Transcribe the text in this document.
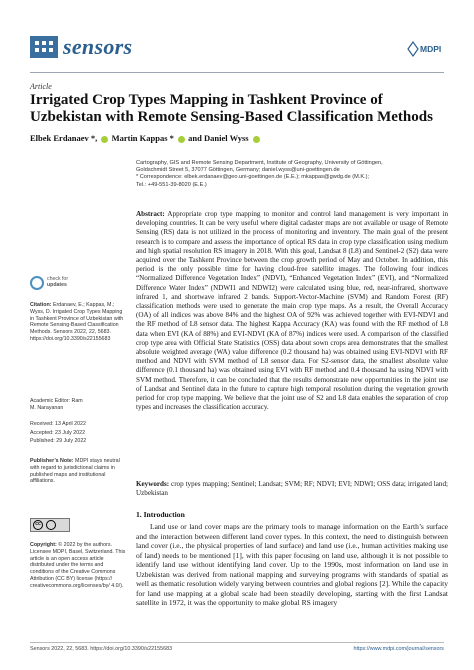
sensors	MDPI
Article
Irrigated Crop Types Mapping in Tashkent Province of Uzbekistan with Remote Sensing-Based Classification Methods
Elbek Erdanaev *, Martin Kappas * and Daniel Wyss

Cartography, GIS and Remote Sensing Department, Institute of Geography, University of Göttingen,

Goldschmidt Street 5, 37077 Göttingen, Germany; daniel.wyss@uni-goettingen.de

* Correspondence: elbek.erdanaev@geo.uni-goettingen.de (E.E.); mkappas@gwdg.de (M.K.);

Tel.: +49-551-39-8020 (E.E.)

Abstract: Appropriate crop type mapping to monitor and control land management is very important in developing countries. It can be very useful where digital cadaster maps are not available or usage of Remote Sensing (RS) data is not utilized in the process of monitoring and inventory. The main goal of the present research is to compare and assess the importance of optical RS data in crop type classification using medium and high spatial resolution RS imagery in 2018. With this goal, Landsat 8 (L8) and Sentinel-2 (S2) data were acquired over the Tashkent Province between the crop growth period of May and October. In addition, this period is the only possible time for having cloud-free satellite images. The following four indices “Normalized Difference Vegetation Index” (NDVI), “Enhanced Vegetation Index” (EVI), and “Normalized Difference Water Index” (NDWI1 and NDWI2) were calculated using blue, red, near-infrared, shortwave infrared 1, and shortwave infrared 2 bands. Support-Vector-Machine (SVM) and Random Forest (RF) classification methods were used to generate the main crop type maps. As a result, the Overall Accuracy (OA) of all indices was above 84% and the highest OA of 92% was achieved together with EVI-NDVI and the RF method of L8 sensor data. The highest Kappa Accuracy (KA) was found with the RF method of L8 data when EVI (KA of 88%) and EVI-NDVI (KA of 87%) indices were used. A comparison of the classified crop type area with Official State Statistics (OSS) data about sown crops area demonstrates that the smallest absolute weighted average (WA) value difference (0.2 thousand ha) was obtained using EVI-NDVI with RF method and NDVI with SVM method of L8 sensor data. For S2-sensor data, the smallest absolute value difference (0.1 thousand ha) was obtained using EVI with RF method and 0.4 thousand ha using NDVI with SVM method. Therefore, it can be concluded that the results demonstrate new opportunities in the joint use of Landsat and Sentinel data in the future to capture high temporal resolution during the vegetation growth period for crop type mapping. We believe that the joint use of S2 and L8 data enables the separation of crop types and increases the classification accuracy.
Keywords: crop types mapping; Sentinel; Landsat; SVM; RF; NDVI; EVI; NDWI; OSS data; irrigated land; Uzbekistan
check for
updates
Citation: Erdanaev, E.; Kappas, M.; Wyss, D. Irrigated Crop Types Mapping in Tashkent Province of Uzbekistan with Remote Sensing-Based Classification Methods. Sensors 2022, 22, 5683. https://doi.org/10.3390/s22155683
Academic Editor: Ram
M. Narayanan
Received: 13 April 2022
Accepted: 23 July 2022
Published: 29 July 2022
Publisher’s Note: MDPI stays neutral with regard to jurisdictional claims in published maps and institutional affiliations.
cc
Copyright: © 2022 by the authors. Licensee MDPI, Basel, Switzerland. This article is an open access article distributed under the terms and conditions of the Creative Commons Attribution (CC BY) license (https:// creativecommons.org/licenses/by/ 4.0/).
1. Introduction
Land use or land cover maps are the primary tools to manage information on the Earth’s surface and the interaction between different land cover types. In this context, the need to distinguish between land cover (i.e., the physical properties of land surface) and land use (i.e., human activities making use of land) needs to be mentioned [1], with this paper focusing on land use, although it is not possible to identify land use without identifying land cover. Up to the 1990s, most information on land use in Uzbekistan was derived from national mapping and surveying programs with standards of spatial as well as thematic resolution widely varying between countries and global regions [2]. While the capacity for land use mapping at a global scale had been steadily developing, starting with the first Landsat satellite in 1972, it was the opportunity to make global RS imagery
Sensors 2022, 22, 5683. https://doi.org/10.3390/s22155683	https://www.mdpi.com/journal/sensors
